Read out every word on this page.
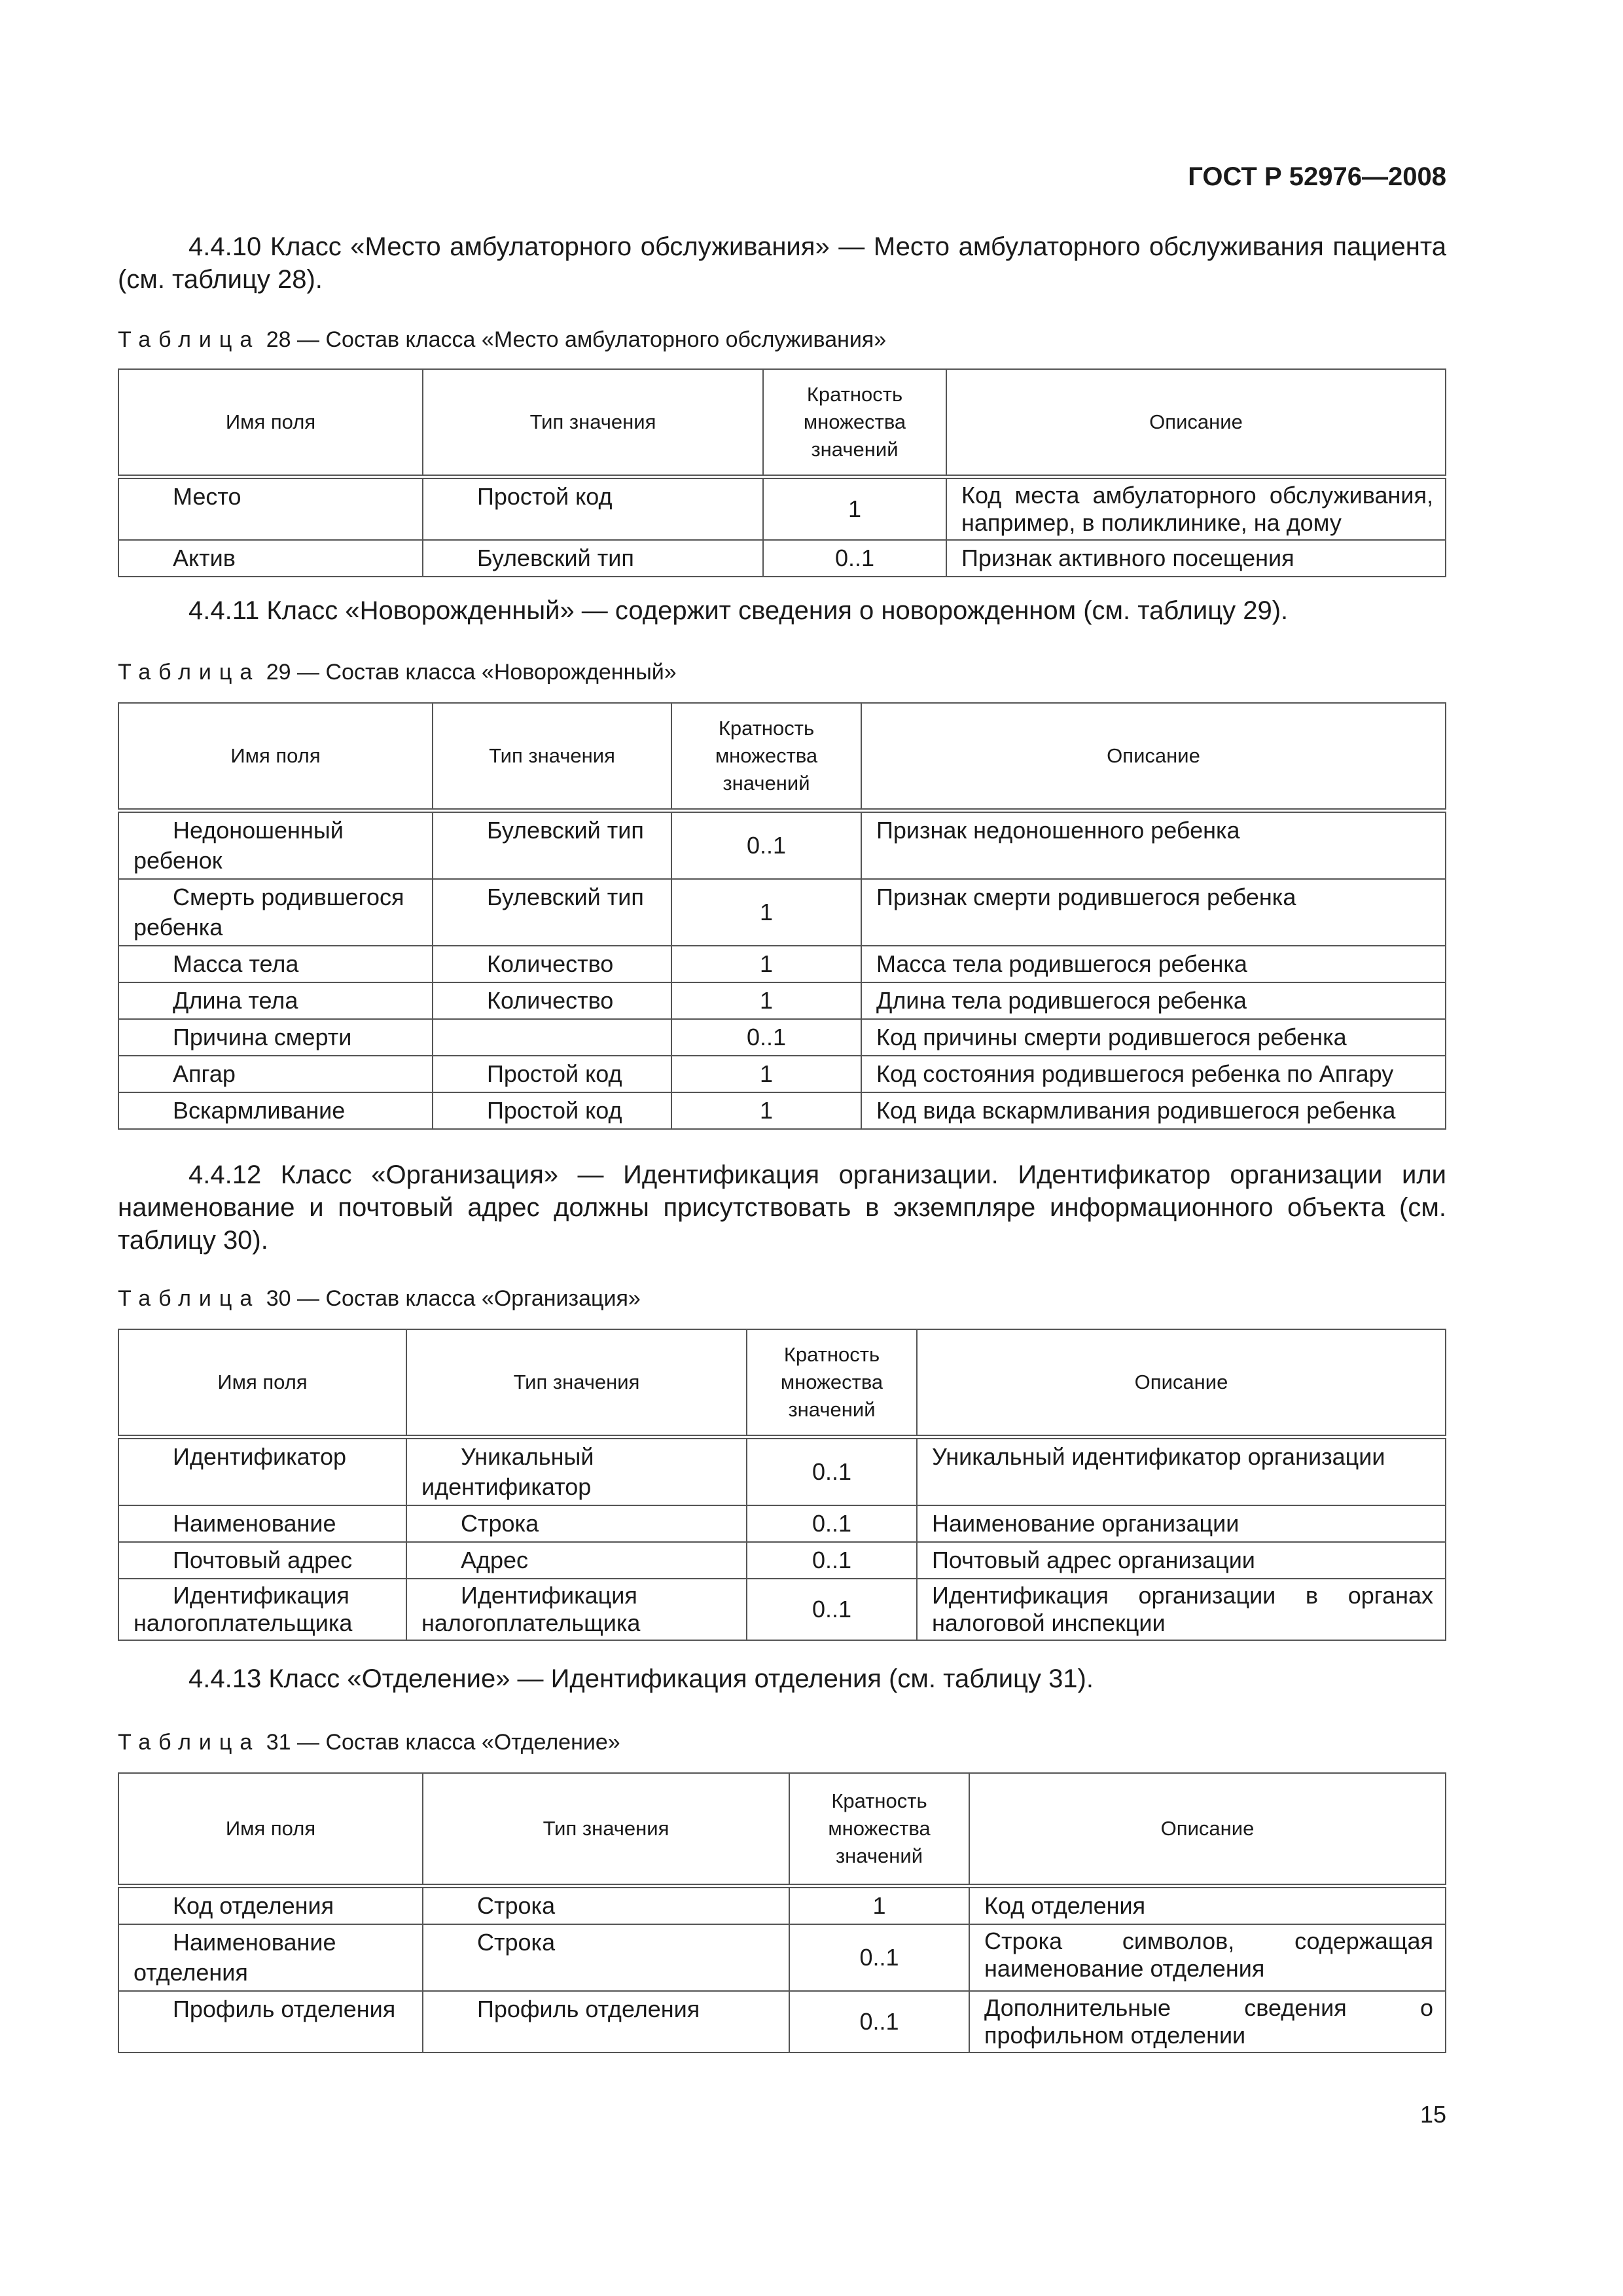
ГОСТ Р 52976—2008

4.4.10 Класс «Место амбулаторного обслуживания» — Место амбулаторного обслуживания пациента (см. таблицу 28).

Таблица 28 — Состав класса «Место амбулаторного обслуживания»

Имя поля	Тип значения	Кратность множества значений	Описание
Место	Простой код	1	Код места амбулаторного обслуживания, например, в поликлинике, на дому
Актив	Булевский тип	0..1	Признак активного посещения

4.4.11 Класс «Новорожденный» — содержит сведения о новорожденном (см. таблицу 29).

Таблица 29 — Состав класса «Новорожденный»

Имя поля	Тип значения	Кратность множества значений	Описание
Недоношенный ребенок	Булевский тип	0..1	Признак недоношенного ребенка
Смерть родившегося ребенка	Булевский тип	1	Признак смерти родившегося ребенка
Масса тела	Количество	1	Масса тела родившегося ребенка
Длина тела	Количество	1	Длина тела родившегося ребенка
Причина смерти		0..1	Код причины смерти родившегося ребенка
Апгар	Простой код	1	Код состояния родившегося ребенка по Апгару
Вскармливание	Простой код	1	Код вида вскармливания родившегося ребенка

4.4.12 Класс «Организация» — Идентификация организации. Идентификатор организации или наименование и почтовый адрес должны присутствовать в экземпляре информационного объекта (см. таблицу 30).

Таблица 30 — Состав класса «Организация»

Имя поля	Тип значения	Кратность множества значений	Описание
Идентификатор	Уникальный идентификатор	0..1	Уникальный идентификатор организации
Наименование	Строка	0..1	Наименование организации
Почтовый адрес	Адрес	0..1	Почтовый адрес организации
Идентификация налогоплательщика	Идентификация налогоплательщика	0..1	Идентификация организации в органах налоговой инспекции

4.4.13 Класс «Отделение» — Идентификация отделения (см. таблицу 31).

Таблица 31 — Состав класса «Отделение»

Имя поля	Тип значения	Кратность множества значений	Описание
Код отделения	Строка	1	Код отделения
Наименование отделения	Строка	0..1	Строка символов, содержащая наименование отделения
Профиль отделения	Профиль отделения	0..1	Дополнительные сведения о профильном отделении
15
